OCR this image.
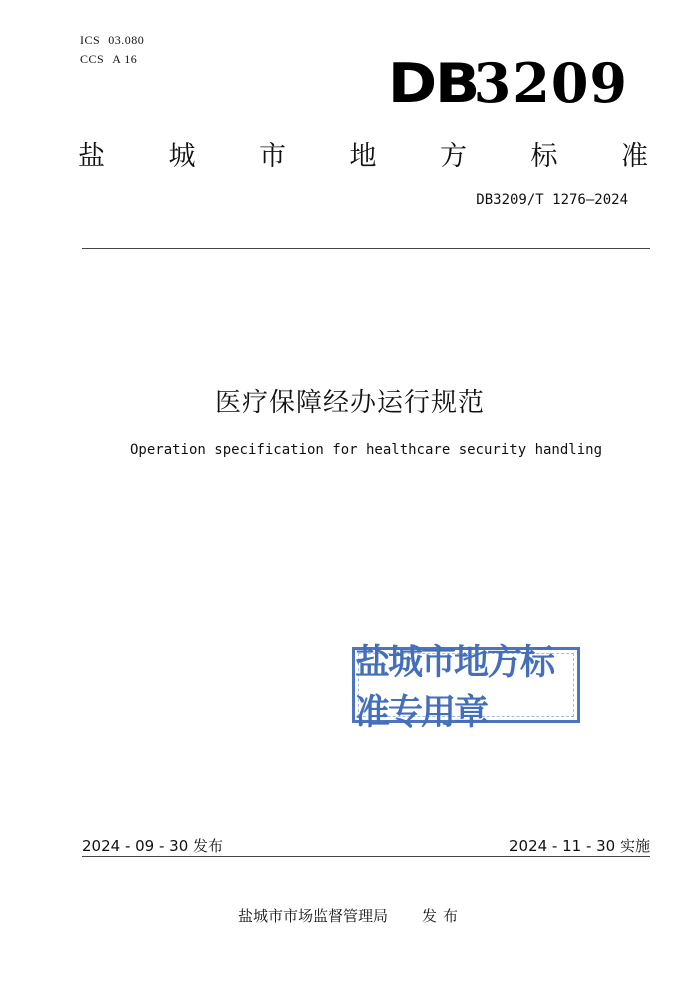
ICS 03.080
CCS A 16	DB3209
盐 城 市 地 方 标 准
DB3209/T 1276—2024
医疗保障经办运行规范
Operation specification for healthcare security handling
盐城市地方标准专用章
2024 - 09 - 30 发布	2024 - 11 - 30 实施
盐城市市场监督管理局 发布
